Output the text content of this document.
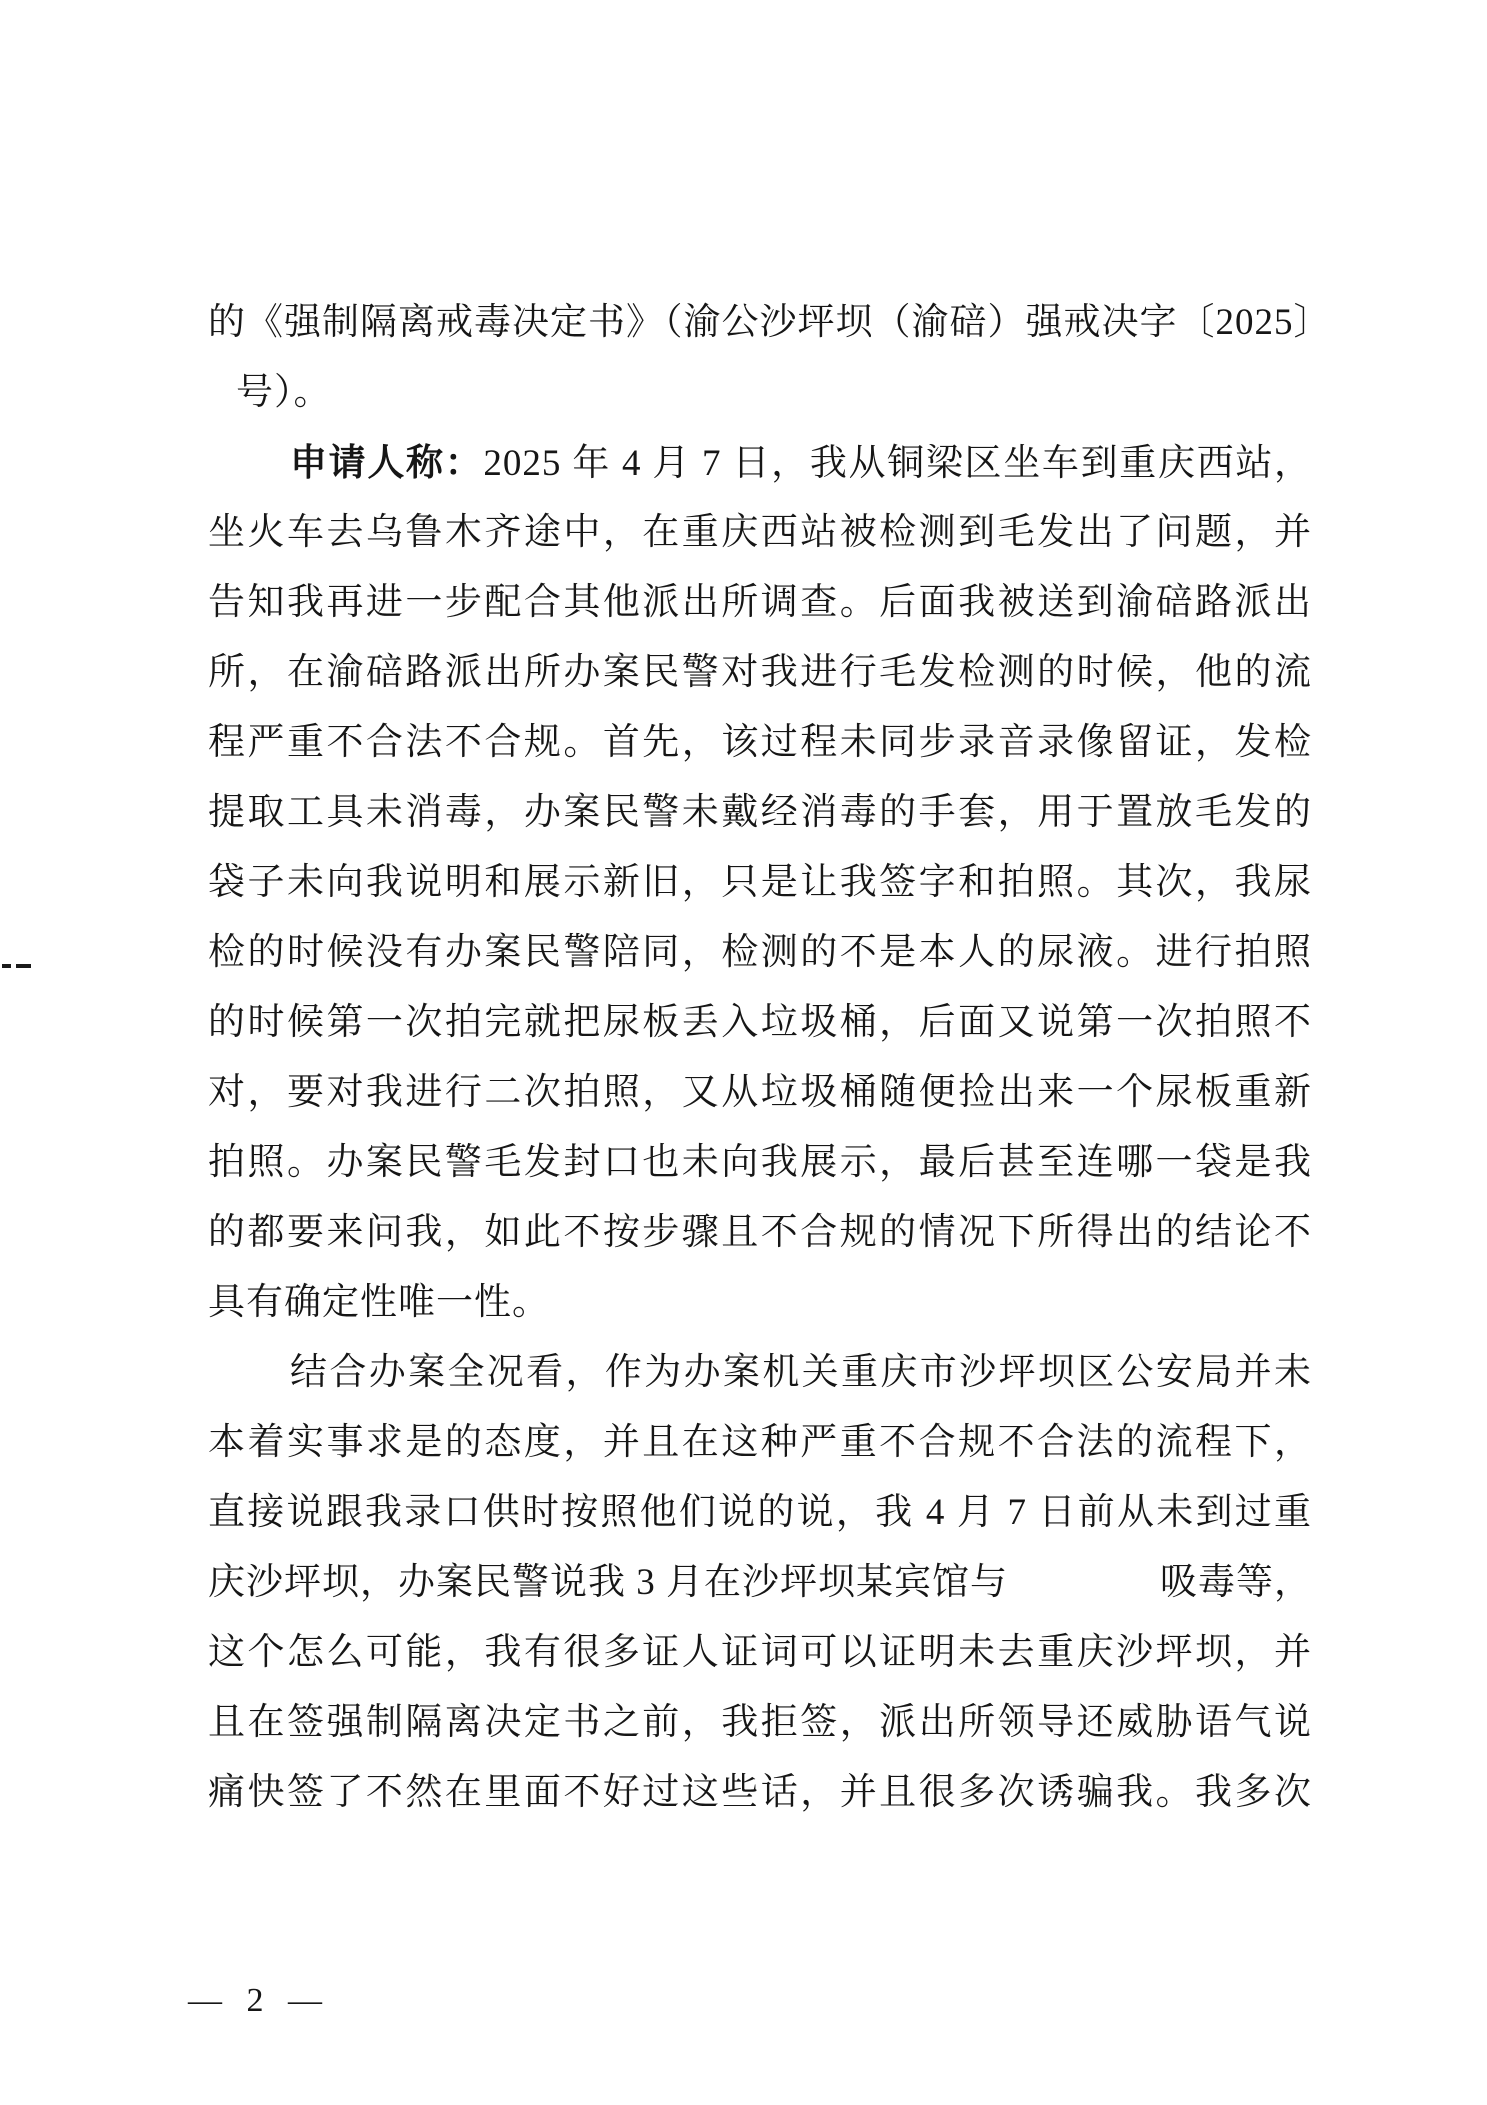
的《强制隔离戒毒决定书》（渝公沙坪坝（渝碚）强戒决字〔2025〕
号）。
申请人称：2025 年 4 月 7 日，我从铜梁区坐车到重庆西站，
坐火车去乌鲁木齐途中，在重庆西站被检测到毛发出了问题，并
告知我再进一步配合其他派出所调查。后面我被送到渝碚路派出
所，在渝碚路派出所办案民警对我进行毛发检测的时候，他的流
程严重不合法不合规。首先，该过程未同步录音录像留证，发检
提取工具未消毒，办案民警未戴经消毒的手套，用于置放毛发的
袋子未向我说明和展示新旧，只是让我签字和拍照。其次，我尿
检的时候没有办案民警陪同，检测的不是本人的尿液。进行拍照
的时候第一次拍完就把尿板丢入垃圾桶，后面又说第一次拍照不
对，要对我进行二次拍照，又从垃圾桶随便捡出来一个尿板重新
拍照。办案民警毛发封口也未向我展示，最后甚至连哪一袋是我
的都要来问我，如此不按步骤且不合规的情况下所得出的结论不
具有确定性唯一性。
结合办案全况看，作为办案机关重庆市沙坪坝区公安局并未
本着实事求是的态度，并且在这种严重不合规不合法的流程下，
直接说跟我录口供时按照他们说的说，我 4 月 7 日前从未到过重
庆沙坪坝，办案民警说我 3 月在沙坪坝某宾馆与	吸毒等，
这个怎么可能，我有很多证人证词可以证明未去重庆沙坪坝，并
且在签强制隔离决定书之前，我拒签，派出所领导还威胁语气说
痛快签了不然在里面不好过这些话，并且很多次诱骗我。我多次
— 2 —
